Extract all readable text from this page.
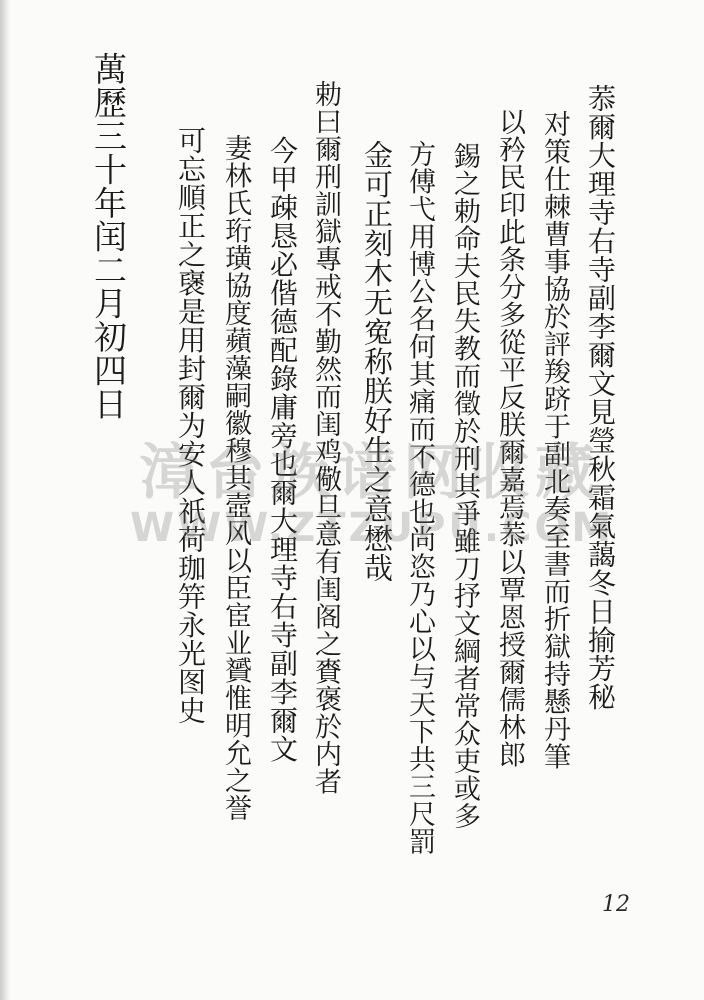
菾爾大理寺右寺副李爾文見瑩秋霜氣藹冬日揄芳秘
对策仕棘曹事協於評羧跻于副北奏至書而折獄持懸丹筆
以矜民印此条分多從平反朕爾嘉焉菾以覃恩授爾儒林郎
錫之勅命夫民失教而徵於刑其爭雖刀抒文綱者常众吏或多
方傅弋用博公名何其痛而不德也尚恣乃心以与天下共三尺罰
金可正刻木无寃称朕好生之意懋哉
勅曰爾刑訓獄專戒不勤然而闺鸡儆旦意有闺阁之賚褒於内者
今甲疎恳必偕德配錄庸旁也爾大理寺右寺副李爾文
妻林氏珩璜協度蘋藻嗣徽穆其壼风以臣宦业贇惟明允之誉
可忘順正之襃是用封爾为安人祇荷珈笄永光图史
萬歷三十年闰二月初四日
漳台族谱网收藏
WWW.ZTZUPU.COM
12
